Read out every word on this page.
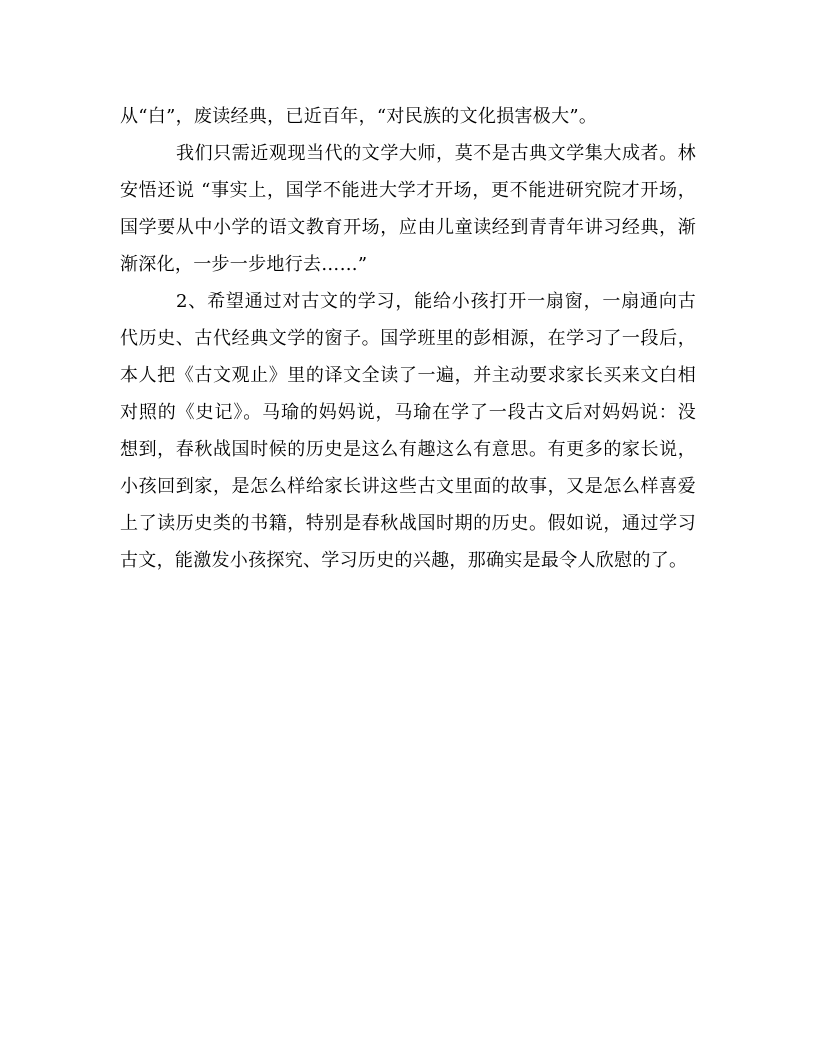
从“白”，废读经典，已近百年，“对民族的文化损害极大”。

我们只需近观现当代的文学大师，莫不是古典文学集大成者。林
安悟还说 “事实上，国学不能进大学才开场，更不能进研究院才开场，
国学要从中小学的语文教育开场，应由儿童读经到青青年讲习经典，渐
渐深化，一步一步地行去……”

2、希望通过对古文的学习，能给小孩打开一扇窗，一扇通向古
代历史、古代经典文学的窗子。国学班里的彭相源，在学习了一段后，
本人把《古文观止》里的译文全读了一遍，并主动要求家长买来文白相
对照的《史记》。马瑜的妈妈说，马瑜在学了一段古文后对妈妈说：没
想到，春秋战国时候的历史是这么有趣这么有意思。有更多的家长说，
小孩回到家，是怎么样给家长讲这些古文里面的故事，又是怎么样喜爱
上了读历史类的书籍，特别是春秋战国时期的历史。假如说，通过学习
古文，能激发小孩探究、学习历史的兴趣，那确实是最令人欣慰的了。
